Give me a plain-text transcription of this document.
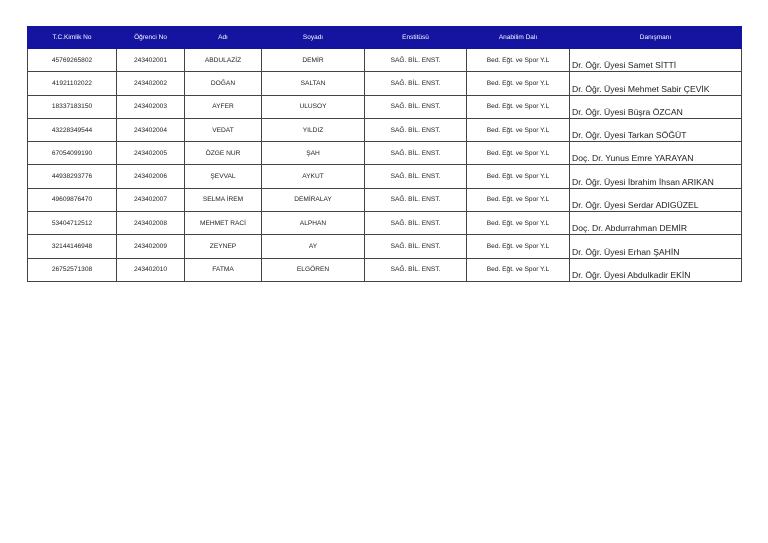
T.C.Kimlik No	Öğrenci No	Adı	Soyadı	Enstitüsü	Anabilim Dalı	Danışmanı
45769265802	243402001	ABDULAZİZ	DEMİR	SAĞ. BİL. ENST.	Bed. Eğt. ve Spor Y.L	Dr. Öğr. Üyesi Samet SİTTİ
41921102022	243402002	DOĞAN	SALTAN	SAĞ. BİL. ENST.	Bed. Eğt. ve Spor Y.L	Dr. Öğr. Üyesi Mehmet Sabir ÇEVİK
18337183150	243402003	AYFER	ULUSOY	SAĞ. BİL. ENST.	Bed. Eğt. ve Spor Y.L	Dr. Öğr. Üyesi Büşra ÖZCAN
43228349544	243402004	VEDAT	YILDIZ	SAĞ. BİL. ENST.	Bed. Eğt. ve Spor Y.L	Dr. Öğr. Üyesi Tarkan SÖĞÜT
67054099190	243402005	ÖZGE NUR	ŞAH	SAĞ. BİL. ENST.	Bed. Eğt. ve Spor Y.L	Doç. Dr. Yunus Emre YARAYAN
44938293776	243402006	ŞEVVAL	AYKUT	SAĞ. BİL. ENST.	Bed. Eğt. ve Spor Y.L	Dr. Öğr. Üyesi İbrahim İhsan ARIKAN
49609876470	243402007	SELMA İREM	DEMİRALAY	SAĞ. BİL. ENST.	Bed. Eğt. ve Spor Y.L	Dr. Öğr. Üyesi Serdar ADIGÜZEL
53404712512	243402008	MEHMET RACİ	ALPHAN	SAĞ. BİL. ENST.	Bed. Eğt. ve Spor Y.L	Doç. Dr. Abdurrahman DEMİR
32144146948	243402009	ZEYNEP	AY	SAĞ. BİL. ENST.	Bed. Eğt. ve Spor Y.L	Dr. Öğr. Üyesi Erhan ŞAHİN
26752571308	243402010	FATMA	ELGÖREN	SAĞ. BİL. ENST.	Bed. Eğt. ve Spor Y.L	Dr. Öğr. Üyesi Abdulkadir EKİN
